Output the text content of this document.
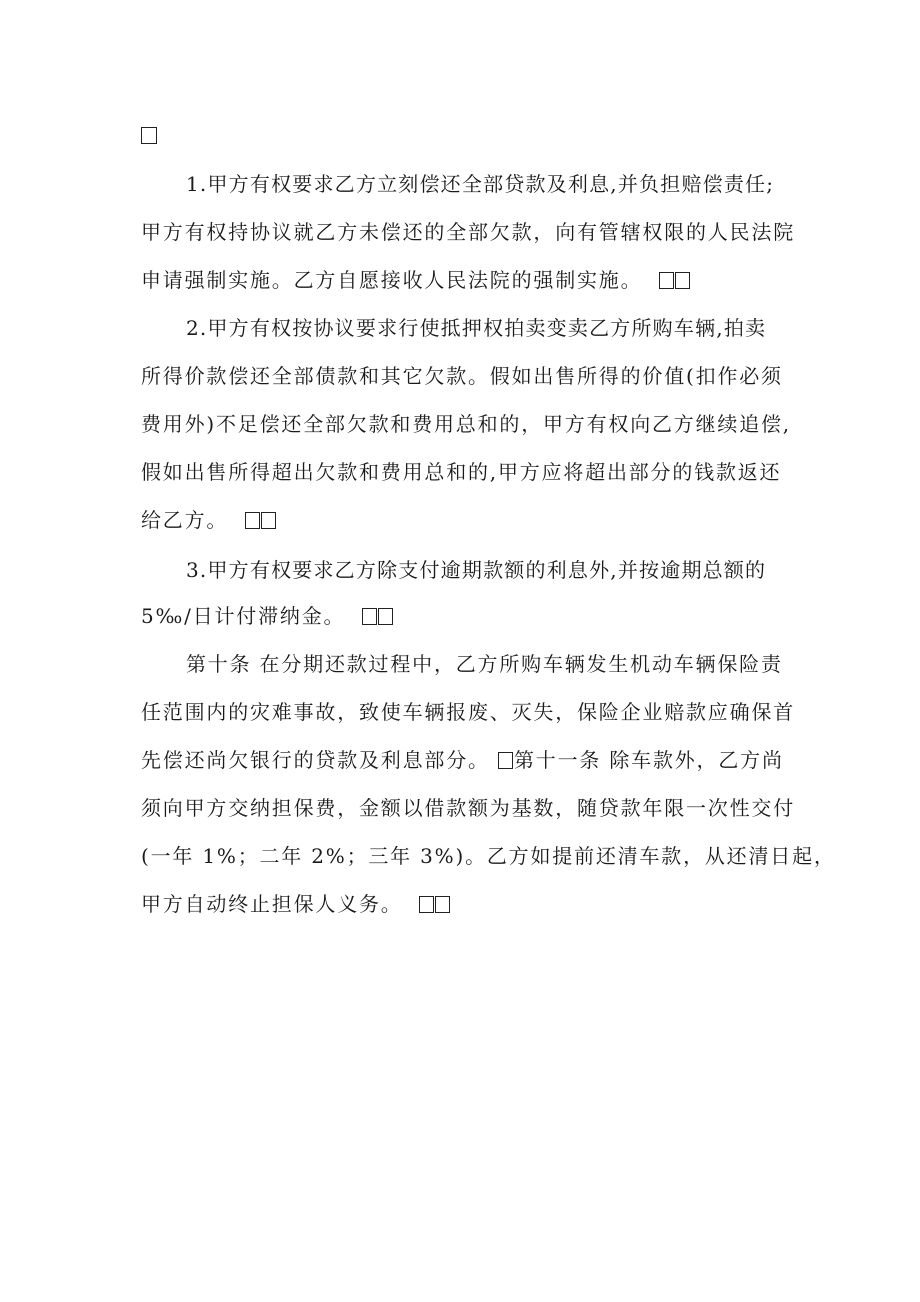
1.甲方有权要求乙方立刻偿还全部贷款及利息,并负担赔偿责任;
甲方有权持协议就乙方未偿还的全部欠款，向有管辖权限的人民法院
申请强制实施。乙方自愿接收人民法院的强制实施。
2.甲方有权按协议要求行使抵押权拍卖变卖乙方所购车辆,拍卖
所得价款偿还全部债款和其它欠款。假如出售所得的价值(扣作必须
费用外)不足偿还全部欠款和费用总和的，甲方有权向乙方继续追偿,
假如出售所得超出欠款和费用总和的,甲方应将超出部分的钱款返还
给乙方。
3.甲方有权要求乙方除支付逾期款额的利息外,并按逾期总额的
5‰/日计付滞纳金。
第十条 在分期还款过程中，乙方所购车辆发生机动车辆保险责
任范围内的灾难事故，致使车辆报废、灭失，保险企业赔款应确保首
先偿还尚欠银行的贷款及利息部分。 第十一条 除车款外，乙方尚
须向甲方交纳担保费，金额以借款额为基数，随贷款年限一次性交付
(一年 1%；二年 2%；三年 3%)。乙方如提前还清车款，从还清日起，
甲方自动终止担保人义务。
